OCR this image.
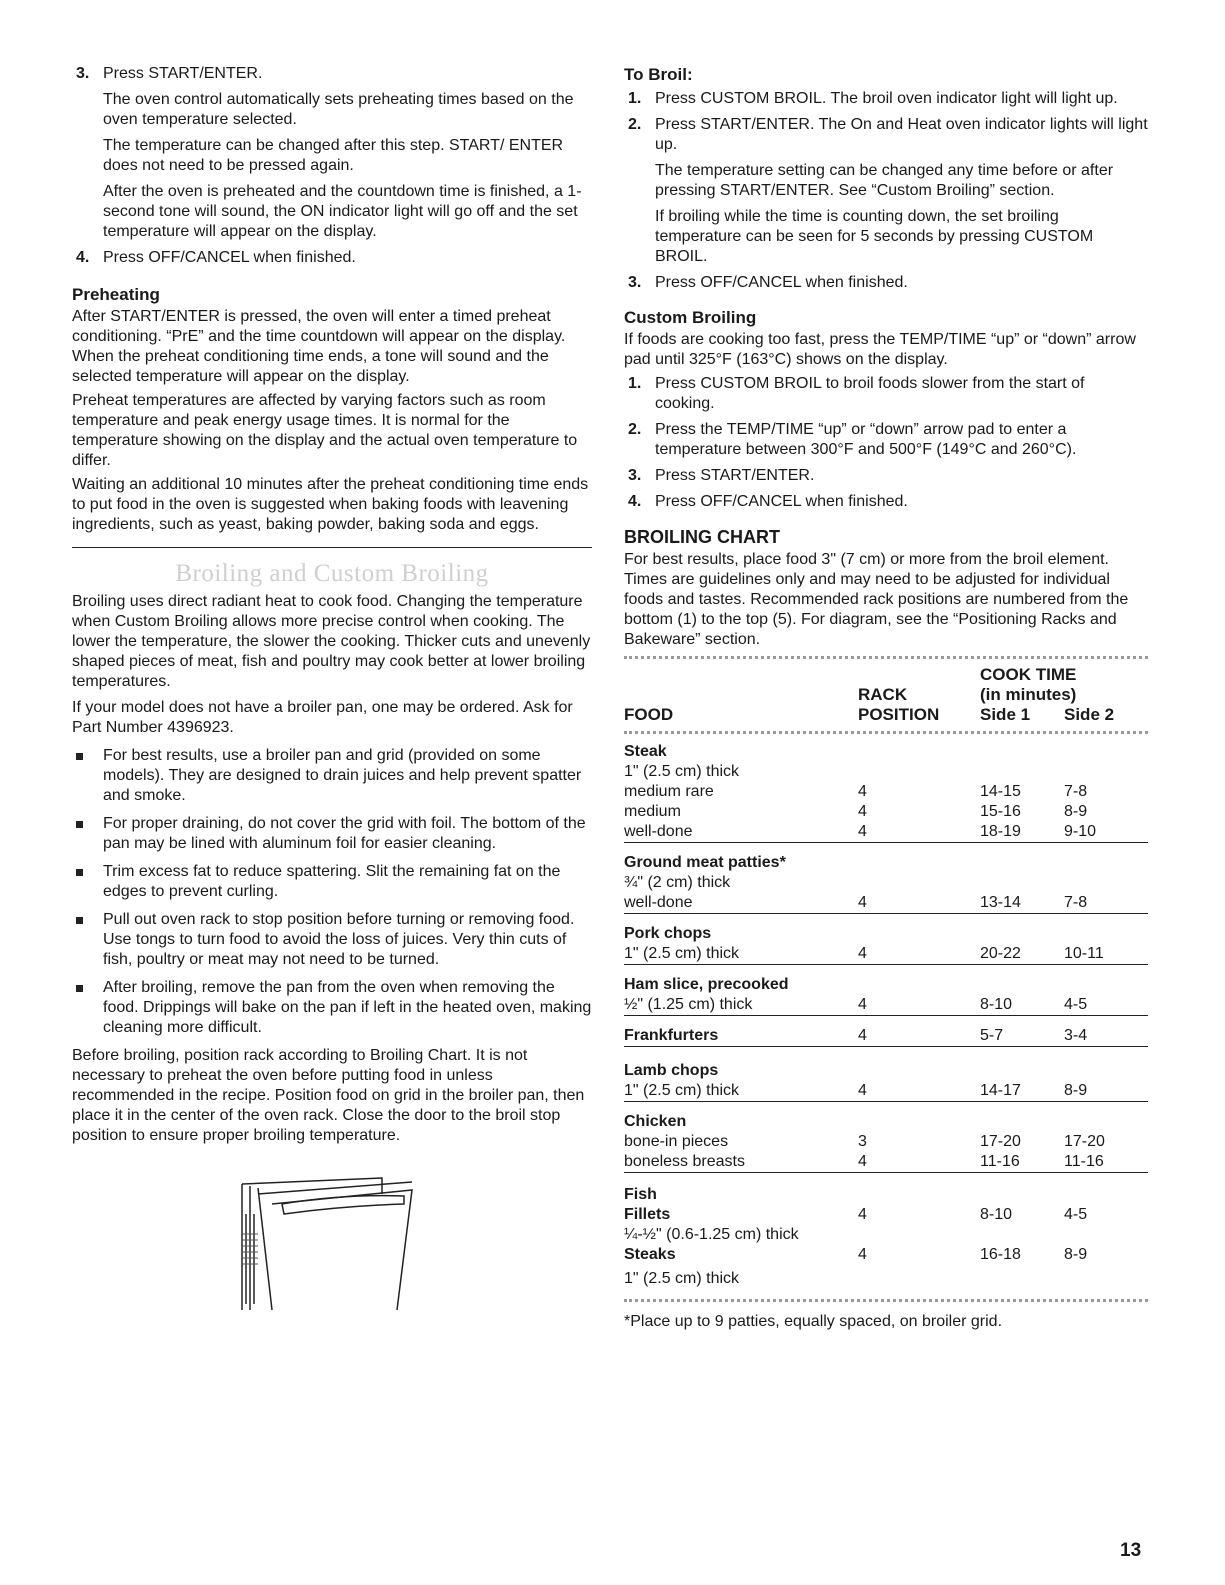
3. Press START/ENTER.

The oven control automatically sets preheating times based on the oven temperature selected.

The temperature can be changed after this step. START/ ENTER does not need to be pressed again.

After the oven is preheated and the countdown time is finished, a 1-second tone will sound, the ON indicator light will go off and the set temperature will appear on the display.

4. Press OFF/CANCEL when finished.
Preheating

After START/ENTER is pressed, the oven will enter a timed preheat conditioning. “PrE” and the time countdown will appear on the display. When the preheat conditioning time ends, a tone will sound and the selected temperature will appear on the display.

Preheat temperatures are affected by varying factors such as room temperature and peak energy usage times. It is normal for the temperature showing on the display and the actual oven temperature to differ.

Waiting an additional 10 minutes after the preheat conditioning time ends to put food in the oven is suggested when baking foods with leavening ingredients, such as yeast, baking powder, baking soda and eggs.

Broiling and Custom Broiling

Broiling uses direct radiant heat to cook food. Changing the temperature when Custom Broiling allows more precise control when cooking. The lower the temperature, the slower the cooking. Thicker cuts and unevenly shaped pieces of meat, fish and poultry may cook better at lower broiling temperatures.

If your model does not have a broiler pan, one may be ordered. Ask for Part Number 4396923.

For best results, use a broiler pan and grid (provided on some models). They are designed to drain juices and help prevent spatter and smoke.
For proper draining, do not cover the grid with foil. The bottom of the pan may be lined with aluminum foil for easier cleaning.
Trim excess fat to reduce spattering. Slit the remaining fat on the edges to prevent curling.
Pull out oven rack to stop position before turning or removing food. Use tongs to turn food to avoid the loss of juices. Very thin cuts of fish, poultry or meat may not need to be turned.
After broiling, remove the pan from the oven when removing the food. Drippings will bake on the pan if left in the heated oven, making cleaning more difficult.

Before broiling, position rack according to Broiling Chart. It is not necessary to preheat the oven before putting food in unless recommended in the recipe. Position food on grid in the broiler pan, then place it in the center of the oven rack. Close the door to the broil stop position to ensure proper broiling temperature.

To Broil:
1. Press CUSTOM BROIL. The broil oven indicator light will light up.
2. Press START/ENTER. The On and Heat oven indicator lights will light up.

The temperature setting can be changed any time before or after pressing START/ENTER. See “Custom Broiling” section.

If broiling while the time is counting down, the set broiling temperature can be seen for 5 seconds by pressing CUSTOM BROIL.

3. Press OFF/CANCEL when finished.
Custom Broiling

If foods are cooking too fast, press the TEMP/TIME “up” or “down” arrow pad until 325°F (163°C) shows on the display.

1. Press CUSTOM BROIL to broil foods slower from the start of cooking.
2. Press the TEMP/TIME “up” or “down” arrow pad to enter a temperature between 300°F and 500°F (149°C and 260°C).
3. Press START/ENTER.
4. Press OFF/CANCEL when finished.
BROILING CHART

For best results, place food 3" (7 cm) or more from the broil element. Times are guidelines only and may need to be adjusted for individual foods and tastes. Recommended rack positions are numbered from the bottom (1) to the top (5). For diagram, see the “Positioning Racks and Bakeware” section.

FOOD	
RACK
POSITION

COOK TIME
(in minutes)
Side 1	Side 2
Steak			
1" (2.5 cm) thick			
medium rare	4	14-15	7-8
medium	4	15-16	8-9
well-done	4	18-19	9-10
Ground meat patties*			
¾" (2 cm) thick			
well-done	4	13-14	7-8
Pork chops			
1" (2.5 cm) thick	4	20-22	10-11
Ham slice, precooked			
½" (1.25 cm) thick	4	8-10	4-5
Frankfurters	4	5-7	3-4
Lamb chops			
1" (2.5 cm) thick	4	14-17	8-9
Chicken			
bone-in pieces	3	17-20	17-20
boneless breasts	4	11-16	11-16
Fish			
Fillets	4	8-10	4-5
¼-½" (0.6-1.25 cm) thick			
Steaks	4	16-18	8-9
1" (2.5 cm) thick			

*Place up to 9 patties, equally spaced, on broiler grid.

13
